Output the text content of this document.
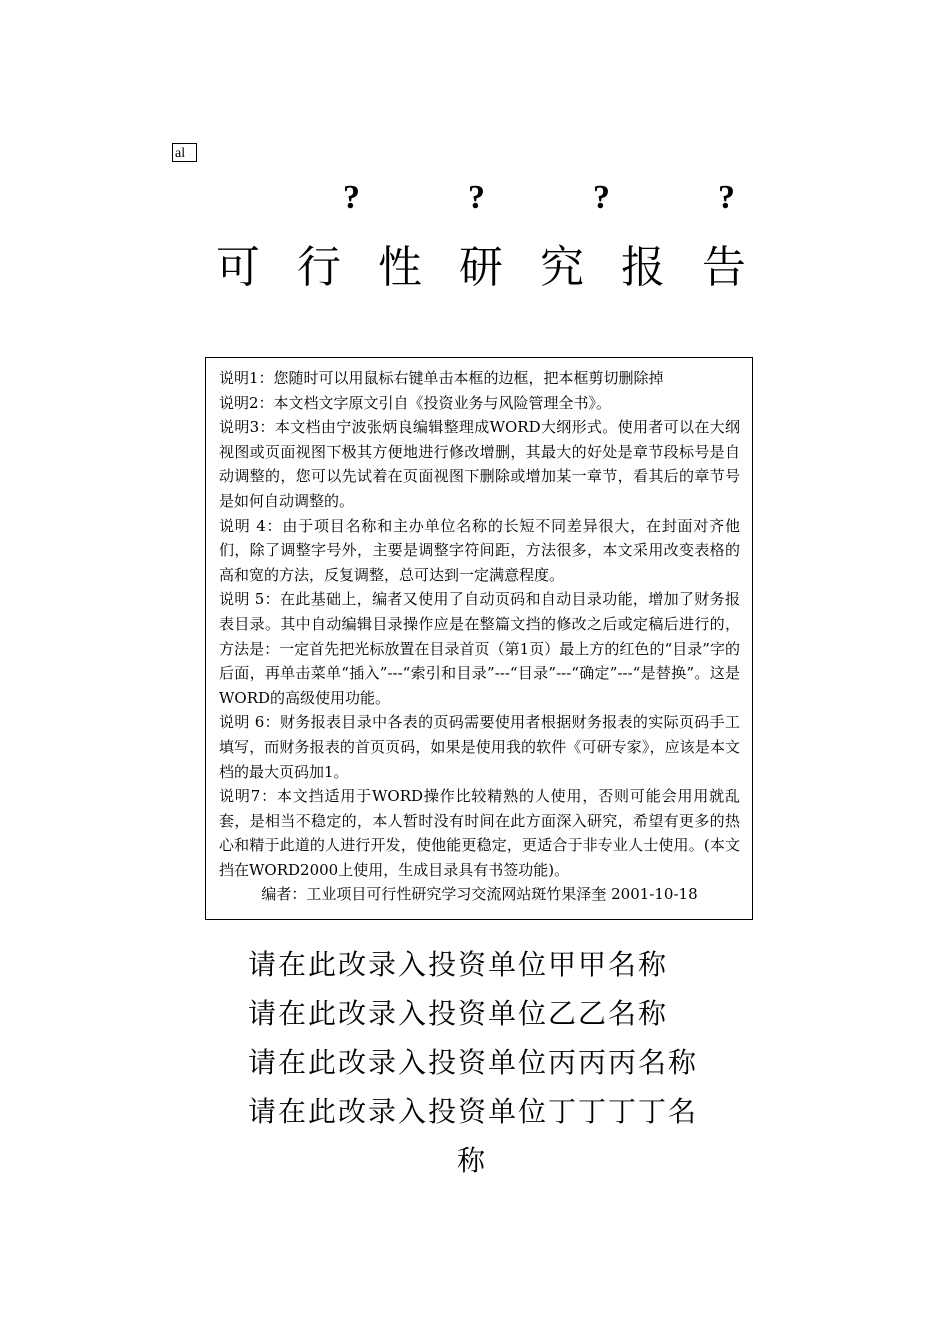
al
?	?	?	?
可 行 性 研 究 报 告

说明1：您随时可以用鼠标右键单击本框的边框，把本框剪切删除掉

说明2：本文档文字原文引自《投资业务与风险管理全书》。

说明3：本文档由宁波张炳良编辑整理成WORD大纲形式。使用者可以在大纲视图或页面视图下极其方便地进行修改增删，其最大的好处是章节段标号是自动调整的，您可以先试着在页面视图下删除或增加某一章节，看其后的章节号是如何自动调整的。

说明 4：由于项目名称和主办单位名称的长短不同差异很大，在封面对齐他们，除了调整字号外，主要是调整字符间距，方法很多，本文采用改变表格的高和宽的方法，反复调整，总可达到一定满意程度。

说明 5：在此基础上，编者又使用了自动页码和自动目录功能，增加了财务报表目录。其中自动编辑目录操作应是在整篇文挡的修改之后或定稿后进行的，方法是：一定首先把光标放置在目录首页（第1页）最上方的红色的“目录”字的后面，再单击菜单“插入”---“索引和目录”---“目录”---“确定”---“是替换”。这是WORD的高级使用功能。

说明 6：财务报表目录中各表的页码需要使用者根据财务报表的实际页码手工填写，而财务报表的首页页码，如果是使用我的软件《可研专家》，应该是本文档的最大页码加1。

说明7：本文挡适用于WORD操作比较精熟的人使用，否则可能会用用就乱套，是相当不稳定的，本人暂时没有时间在此方面深入研究，希望有更多的热心和精于此道的人进行开发，使他能更稳定，更适合于非专业人士使用。(本文挡在WORD2000上使用，生成目录具有书签功能)。

编者：工业项目可行性研究学习交流网站斑竹果泽奎 2001-10-18

请在此改录入投资单位甲甲名称

请在此改录入投资单位乙乙名称

请在此改录入投资单位丙丙丙名称

请在此改录入投资单位丁丁丁丁名

称
